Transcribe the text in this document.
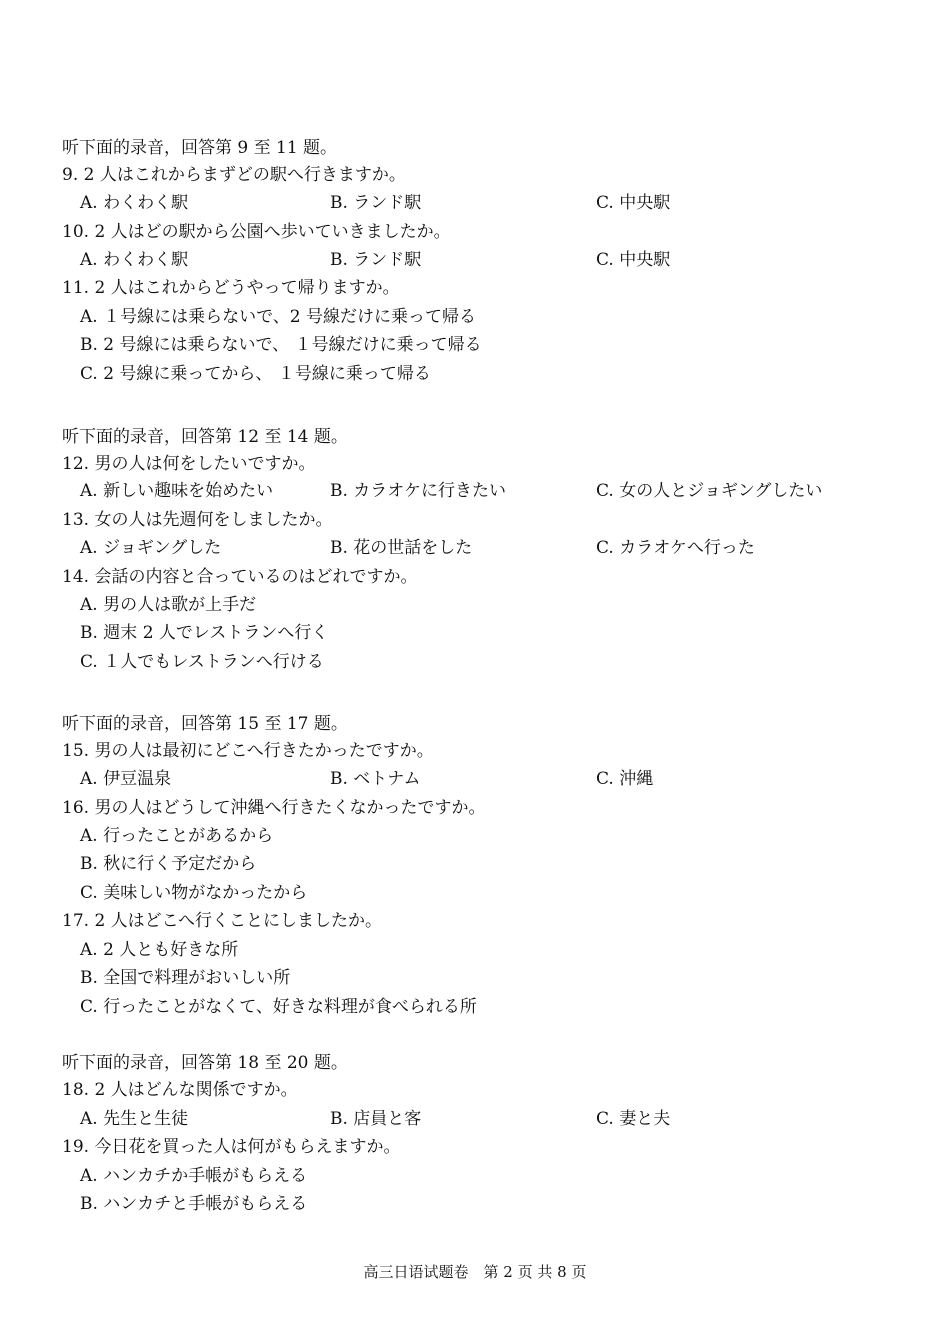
听下面的录音，回答第 9 至 11 题。
9. 2 人はこれからまずどの駅へ行きますか。
A. わくわく駅	B. ランド駅	C. 中央駅
10. 2 人はどの駅から公園へ歩いていきましたか。
A. わくわく駅	B. ランド駅	C. 中央駅
11. 2 人はこれからどうやって帰りますか。
A. １号線には乗らないで、2 号線だけに乗って帰る
B. 2 号線には乗らないで、 １号線だけに乗って帰る
C. 2 号線に乗ってから、 １号線に乗って帰る
听下面的录音，回答第 12 至 14 题。
12. 男の人は何をしたいですか。
A. 新しい趣味を始めたい	B. カラオケに行きたい	C. 女の人とジョギングしたい
13. 女の人は先週何をしましたか。
A. ジョギングした	B. 花の世話をした	C. カラオケへ行った
14. 会話の内容と合っているのはどれですか。
A. 男の人は歌が上手だ
B. 週末 2 人でレストランへ行く
C. １人でもレストランへ行ける
听下面的录音，回答第 15 至 17 题。
15. 男の人は最初にどこへ行きたかったですか。
A. 伊豆温泉	B. ベトナム	C. 沖縄
16. 男の人はどうして沖縄へ行きたくなかったですか。
A. 行ったことがあるから
B. 秋に行く予定だから
C. 美味しい物がなかったから
17. 2 人はどこへ行くことにしましたか。
A. 2 人とも好きな所
B. 全国で料理がおいしい所
C. 行ったことがなくて、好きな料理が食べられる所
听下面的录音，回答第 18 至 20 题。
18. 2 人はどんな関係ですか。
A. 先生と生徒	B. 店員と客	C. 妻と夫
19. 今日花を買った人は何がもらえますか。
A. ハンカチか手帳がもらえる
B. ハンカチと手帳がもらえる
高三日语试题卷　第 2 页 共 8 页
